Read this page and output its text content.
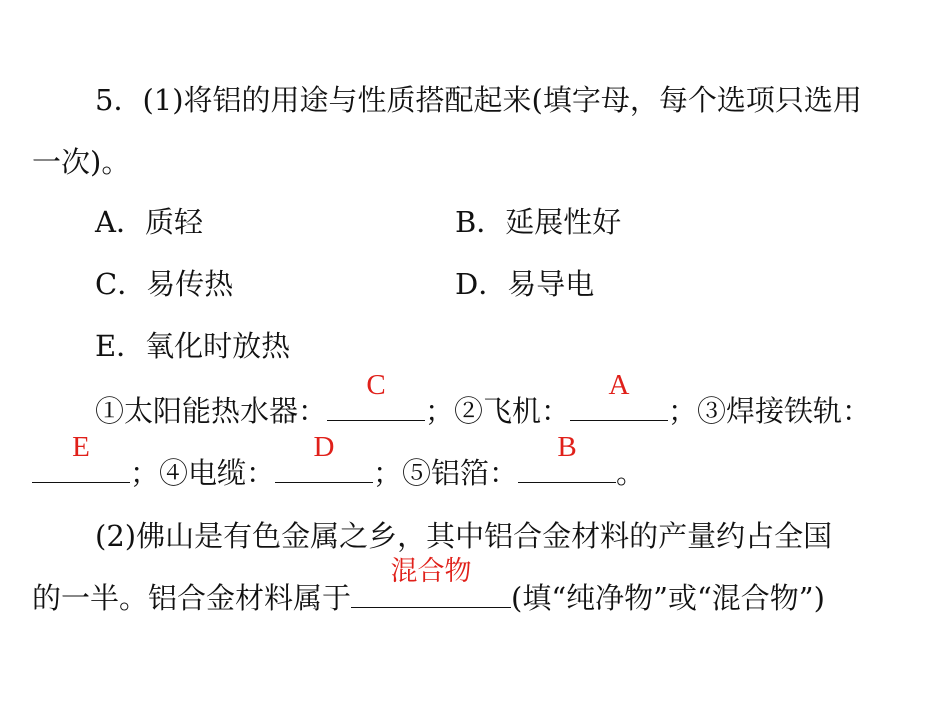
5．(1)将铝的用途与性质搭配起来(填字母，每个选项只选用
一次)。
A．质轻	B．延展性好
C．易传热	D．易导电
E．氧化时放热
①太阳能热水器：
C
；②飞机：
A
；③焊接铁轨：
E
；④电缆：
D
；⑤铝箔：
B
。
(2)佛山是有色金属之乡，其中铝合金材料的产量约占全国
的一半。铝合金材料属于
混合物
(填“纯净物”或“混合物”)
